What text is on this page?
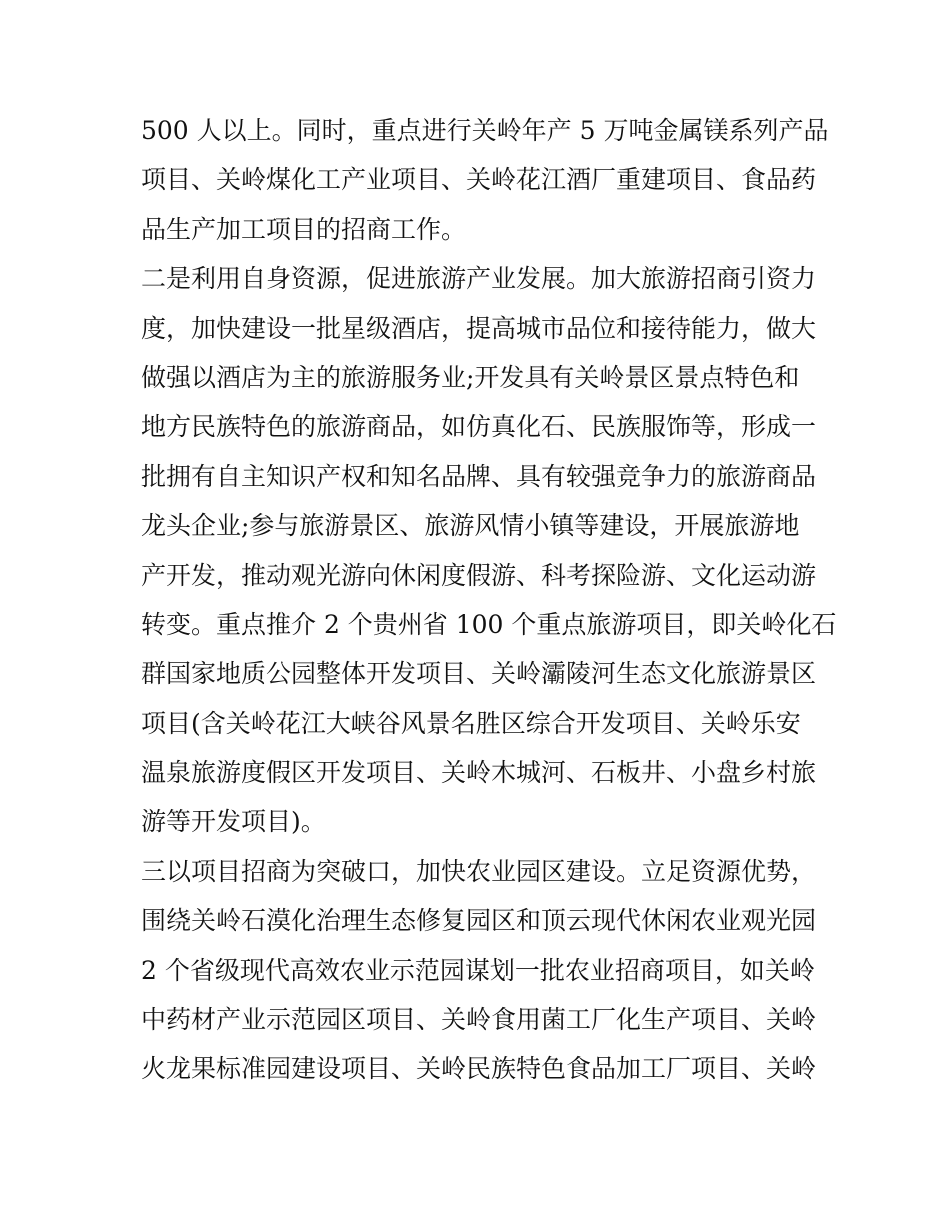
500 人以上。同时，重点进行关岭年产 5 万吨金属镁系列产品
项目、关岭煤化工产业项目、关岭花江酒厂重建项目、食品药
品生产加工项目的招商工作。
二是利用自身资源，促进旅游产业发展。加大旅游招商引资力
度，加快建设一批星级酒店，提高城市品位和接待能力，做大
做强以酒店为主的旅游服务业;开发具有关岭景区景点特色和
地方民族特色的旅游商品，如仿真化石、民族服饰等，形成一
批拥有自主知识产权和知名品牌、具有较强竞争力的旅游商品
龙头企业;参与旅游景区、旅游风情小镇等建设，开展旅游地
产开发，推动观光游向休闲度假游、科考探险游、文化运动游
转变。重点推介 2 个贵州省 100 个重点旅游项目，即关岭化石
群国家地质公园整体开发项目、关岭灞陵河生态文化旅游景区
项目(含关岭花江大峡谷风景名胜区综合开发项目、关岭乐安
温泉旅游度假区开发项目、关岭木城河、石板井、小盘乡村旅
游等开发项目)。
三以项目招商为突破口，加快农业园区建设。立足资源优势，
围绕关岭石漠化治理生态修复园区和顶云现代休闲农业观光园
2 个省级现代高效农业示范园谋划一批农业招商项目，如关岭
中药材产业示范园区项目、关岭食用菌工厂化生产项目、关岭
火龙果标准园建设项目、关岭民族特色食品加工厂项目、关岭
